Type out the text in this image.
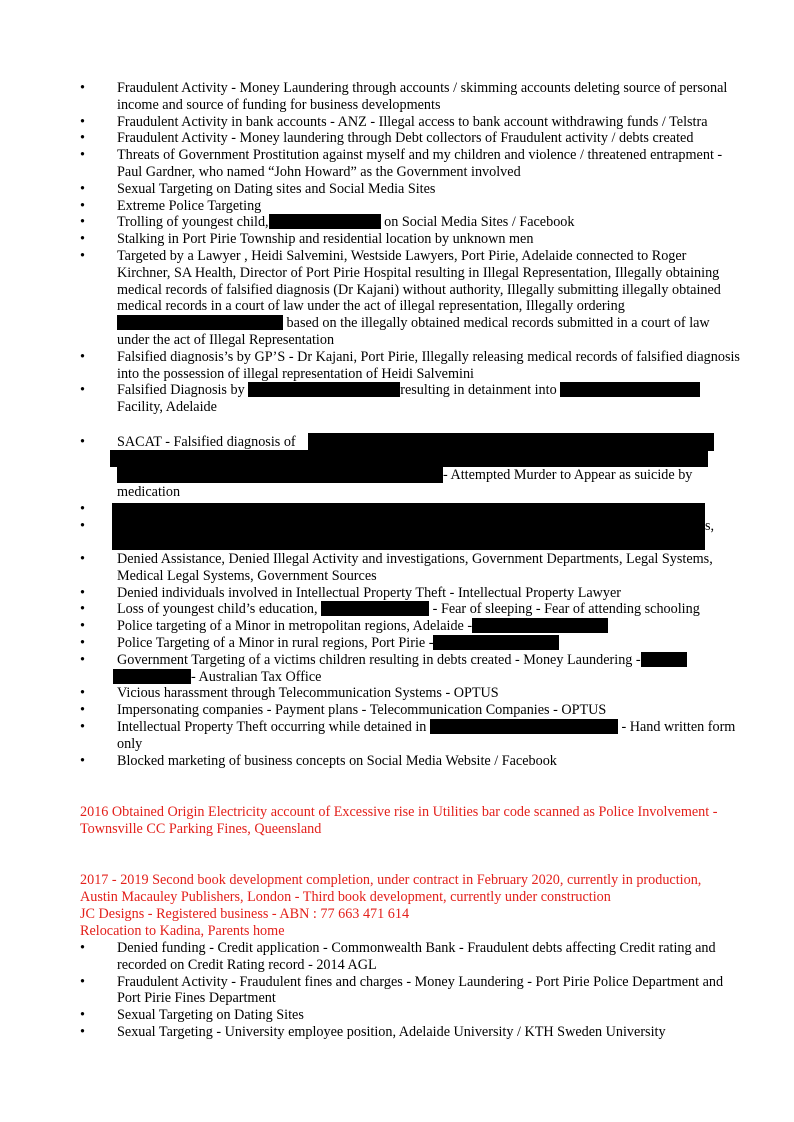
• Fraudulent Activity - Money Laundering through accounts / skimming accounts deleting source of personal income and source of funding for business developments
• Fraudulent Activity in bank accounts - ANZ - Illegal access to bank account withdrawing funds / Telstra
• Fraudulent Activity - Money laundering through Debt collectors of Fraudulent activity / debts created
• Threats of Government Prostitution against myself and my children and violence / threatened entrapment - Paul Gardner, who named “John Howard” as the Government involved
• Sexual Targeting on Dating sites and Social Media Sites
• Extreme Police Targeting
• Trolling of youngest child,	on Social Media Sites / Facebook
• Stalking in Port Pirie Township and residential location by unknown men
• Targeted by a Lawyer , Heidi Salvemini, Westside Lawyers, Port Pirie, Adelaide connected to Roger Kirchner, SA Health, Director of Port Pirie Hospital resulting in Illegal Representation, Illegally obtaining medical records of falsified diagnosis (Dr Kajani) without authority, Illegally submitting illegally obtained medical records in a court of law under the act of illegal representation, Illegally ordering based on the illegally obtained medical records submitted in a court of law under the act of Illegal Representation
• Falsified diagnosis’s by GP’S - Dr Kajani, Port Pirie, Illegally releasing medical records of falsified diagnosis into the possession of illegal representation of Heidi Salvemini
• Falsified Diagnosis by	resulting in detainment into
Facility, Adelaide
• SACAT - Falsified diagnosis of
- Attempted Murder to Appear as suicide by
medication
•
•
s,
• Denied Assistance, Denied Illegal Activity and investigations, Government Departments, Legal Systems, Medical Legal Systems, Government Sources
• Denied individuals involved in Intellectual Property Theft - Intellectual Property Lawyer
• Loss of youngest child’s education,	- Fear of sleeping - Fear of attending schooling
• Police targeting of a Minor in metropolitan regions, Adelaide -
• Police Targeting of a Minor in rural regions, Port Pirie -
• Government Targeting of a victims children resulting in debts created - Money Laundering -
- Australian Tax Office
• Vicious harassment through Telecommunication Systems - OPTUS
• Impersonating companies - Payment plans - Telecommunication Companies - OPTUS
• Intellectual Property Theft occurring while detained in	- Hand written form only
• Blocked marketing of business concepts on Social Media Website / Facebook
2016 Obtained Origin Electricity account of Excessive rise in Utilities bar code scanned as Police Involvement - Townsville CC Parking Fines, Queensland
2017 - 2019 Second book development completion, under contract in February 2020, currently in production, Austin Macauley Publishers, London - Third book development, currently under construction
JC Designs - Registered business - ABN : 77 663 471 614
Relocation to Kadina, Parents home
• Denied funding - Credit application - Commonwealth Bank - Fraudulent debts affecting Credit rating and recorded on Credit Rating record - 2014 AGL
• Fraudulent Activity - Fraudulent fines and charges - Money Laundering - Port Pirie Police Department and Port Pirie Fines Department
• Sexual Targeting on Dating Sites
• Sexual Targeting - University employee position, Adelaide University / KTH Sweden University
